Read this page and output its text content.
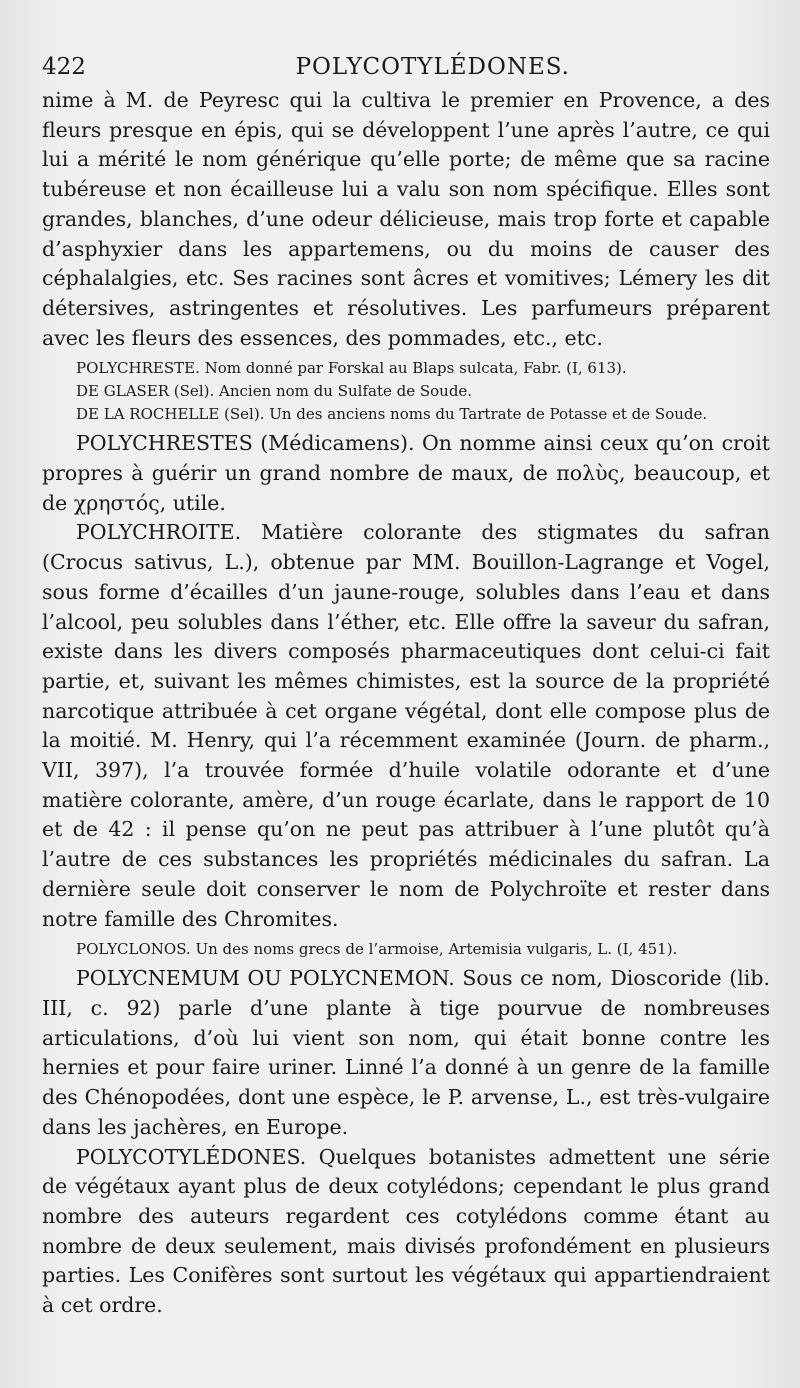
422	POLYCOTYLÉDONES.

nime à M. de Peyresc qui la cultiva le premier en Provence, a des fleurs presque en épis, qui se développent l’une après l’autre, ce qui lui a mérité le nom générique qu’elle porte; de même que sa racine tubéreuse et non écailleuse lui a valu son nom spécifique. Elles sont grandes, blanches, d’une odeur délicieuse, mais trop forte et capable d’asphyxier dans les appartemens, ou du moins de causer des céphalalgies, etc. Ses racines sont âcres et vomitives; Lémery les dit détersives, astringentes et résolutives. Les parfumeurs préparent avec les fleurs des essences, des pommades, etc., etc.

POLYCHRESTE. Nom donné par Forskal au Blaps sulcata, Fabr. (I, 613).

DE GLASER (Sel). Ancien nom du Sulfate de Soude.

DE LA ROCHELLE (Sel). Un des anciens noms du Tartrate de Potasse et de Soude.

POLYCHRESTES (Médicamens). On nomme ainsi ceux qu’on croit propres à guérir un grand nombre de maux, de πολὺς, beaucoup, et de χρηστός, utile.

POLYCHROITE. Matière colorante des stigmates du safran (Crocus sativus, L.), obtenue par MM. Bouillon-Lagrange et Vogel, sous forme d’écailles d’un jaune-rouge, solubles dans l’eau et dans l’alcool, peu solubles dans l’éther, etc. Elle offre la saveur du safran, existe dans les divers composés pharmaceutiques dont celui-ci fait partie, et, suivant les mêmes chimistes, est la source de la propriété narcotique attribuée à cet organe végétal, dont elle compose plus de la moitié. M. Henry, qui l’a récemment examinée (Journ. de pharm., VII, 397), l’a trouvée formée d’huile volatile odorante et d’une matière colorante, amère, d’un rouge écarlate, dans le rapport de 10 et de 42 : il pense qu’on ne peut pas attribuer à l’une plutôt qu’à l’autre de ces substances les propriétés médicinales du safran. La dernière seule doit conserver le nom de Polychroïte et rester dans notre famille des Chromites.

POLYCLONOS. Un des noms grecs de l’armoise, Artemisia vulgaris, L. (I, 451).

POLYCNEMUM OU POLYCNEMON. Sous ce nom, Dioscoride (lib. III, c. 92) parle d’une plante à tige pourvue de nombreuses articulations, d’où lui vient son nom, qui était bonne contre les hernies et pour faire uriner. Linné l’a donné à un genre de la famille des Chénopodées, dont une espèce, le P. arvense, L., est très-vulgaire dans les jachères, en Europe.

POLYCOTYLÉDONES. Quelques botanistes admettent une série de végétaux ayant plus de deux cotylédons; cependant le plus grand nombre des auteurs regardent ces cotylédons comme étant au nombre de deux seulement, mais divisés profondément en plusieurs parties. Les Conifères sont surtout les végétaux qui appartiendraient à cet ordre.
